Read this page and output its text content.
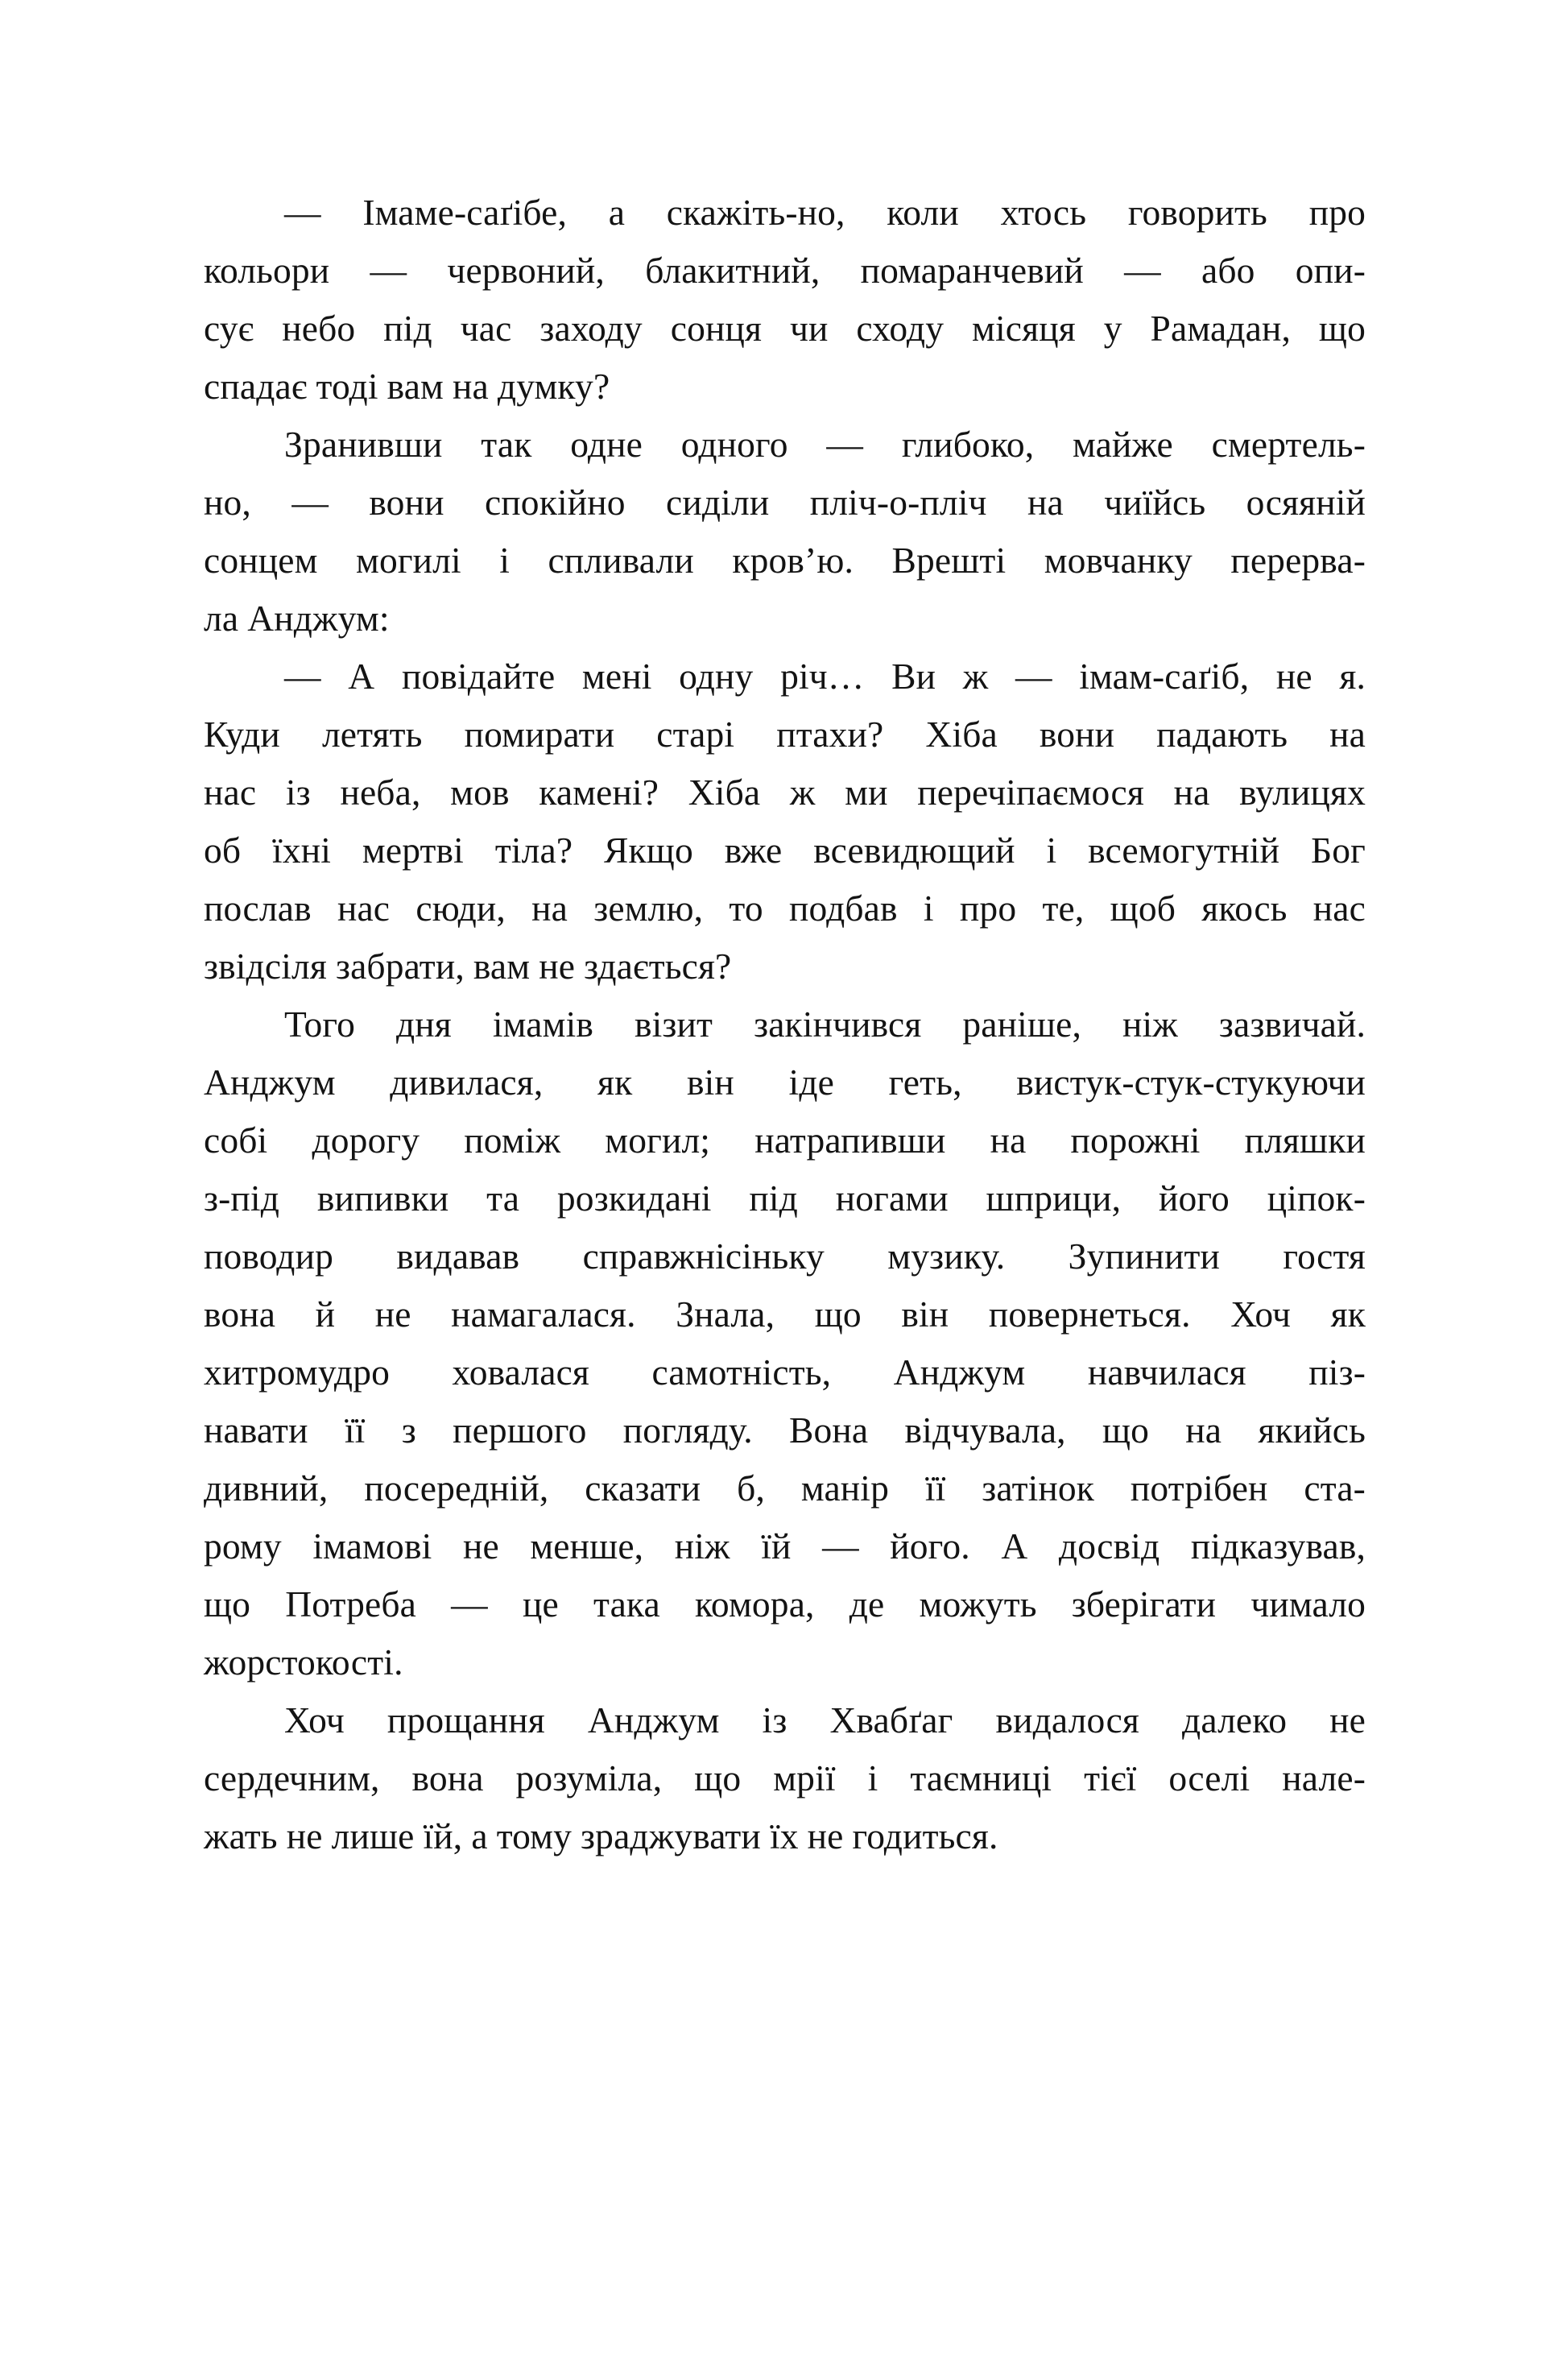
— Імаме-саґібе, а скажіть-но, коли хтось говорить про
кольори — червоний, блакитний, помаранчевий — або опи-
сує небо під час заходу сонця чи сходу місяця у Рамадан, що
спадає тоді вам на думку?

Зранивши так одне одного — глибоко, майже смертель-
но, — вони спокійно сиділи пліч-о-пліч на чиїйсь осяяній
сонцем могилі і спливали кров’ю. Врешті мовчанку перерва-
ла Анджум:

— А повідайте мені одну річ… Ви ж — імам-саґіб, не я.
Куди летять помирати старі птахи? Хіба вони падають на
нас із неба, мов камені? Хіба ж ми перечіпаємося на вулицях
об їхні мертві тіла? Якщо вже всевидющий і всемогутній Бог
послав нас сюди, на землю, то подбав і про те, щоб якось нас
звідсіля забрати, вам не здається?

Того дня імамів візит закінчився раніше, ніж зазвичай.
Анджум дивилася, як він іде геть, вистук-стук-стукуючи
собі дорогу поміж могил; натрапивши на порожні пляшки
з-під випивки та розкидані під ногами шприци, його ціпок-
поводир видавав справжнісіньку музику. Зупинити гостя
вона й не намагалася. Знала, що він повернеться. Хоч як
хитромудро ховалася самотність, Анджум навчилася піз-
навати її з першого погляду. Вона відчувала, що на якийсь
дивний, посередній, сказати б, манір її затінок потрібен ста-
рому імамові не менше, ніж їй — його. А досвід підказував,
що Потреба — це така комора, де можуть зберігати чимало
жорстокості.

Хоч прощання Анджум із Хвабґаг видалося далеко не
сердечним, вона розуміла, що мрії і таємниці тієї оселі нале-
жать не лише їй, а тому зраджувати їх не годиться.
